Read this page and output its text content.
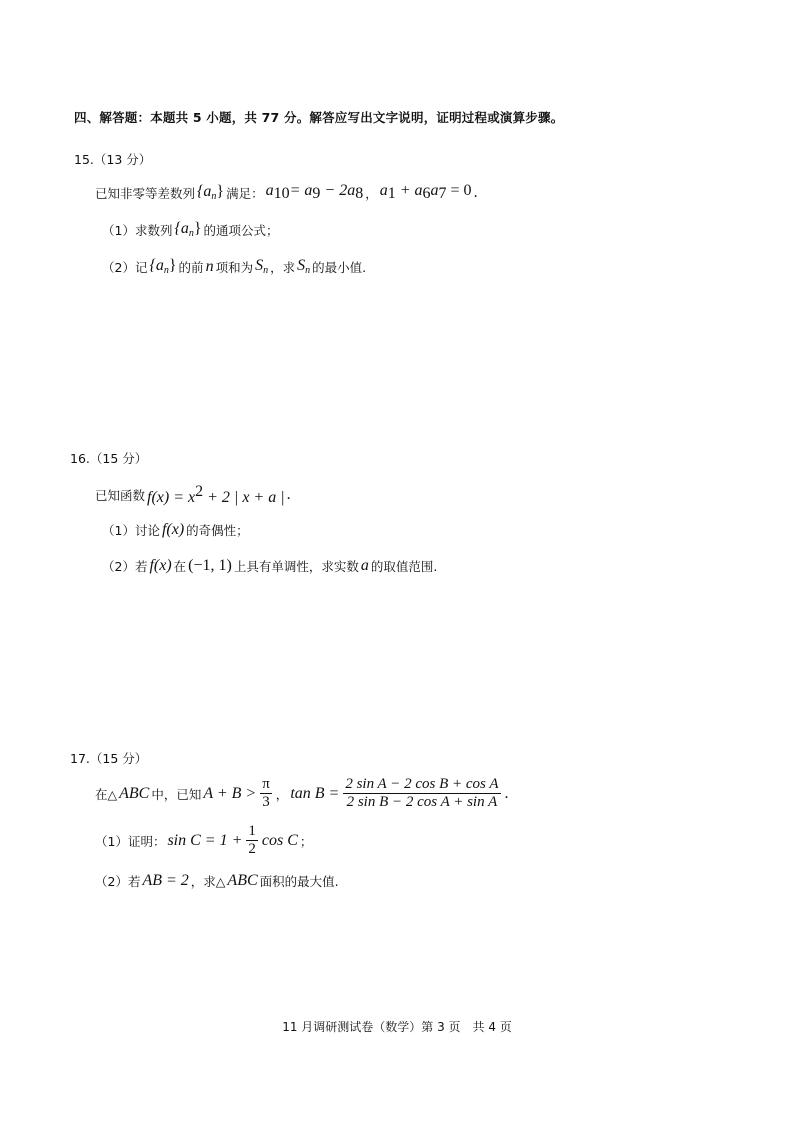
四、解答题：本题共 5 小题，共 77 分。解答应写出文字说明，证明过程或演算步骤。
15.（13 分）
已知非零等差数列 $\{a_n\}$ 满足： $a_{10}= a_9 - 2a_8$ ， $a_1 + a_6a_7 = 0$ .
（1）求数列 $\{a_n\}$ 的通项公式；
（2）记 $\{a_n\}$ 的前 n 项和为 $S_n$ ，求 $S_n$ 的最小值.
16.（15 分）
已知函数 $f(x) = x^2 + 2$ | x + a | .
（1）讨论 f(x) 的奇偶性；
（2）若 f(x) 在 (−1, 1) 上具有单调性，求实数 a 的取值范围.
17.（15 分）
在△ ABC 中，已知 $A + B > \frac{\pi}{3}$ ， $\tan B = \frac{\text{2 sin A − 2 cos B + cos A}}{\text{2 sin B − 2 cos A + sin A}}$ .
（1）证明： $\sin C = 1 + \frac{1}{2}$ cos C ；
（2）若 AB = 2 ，求△ ABC 面积的最大值.
11 月调研测试卷（数学）第 3 页　共 4 页
